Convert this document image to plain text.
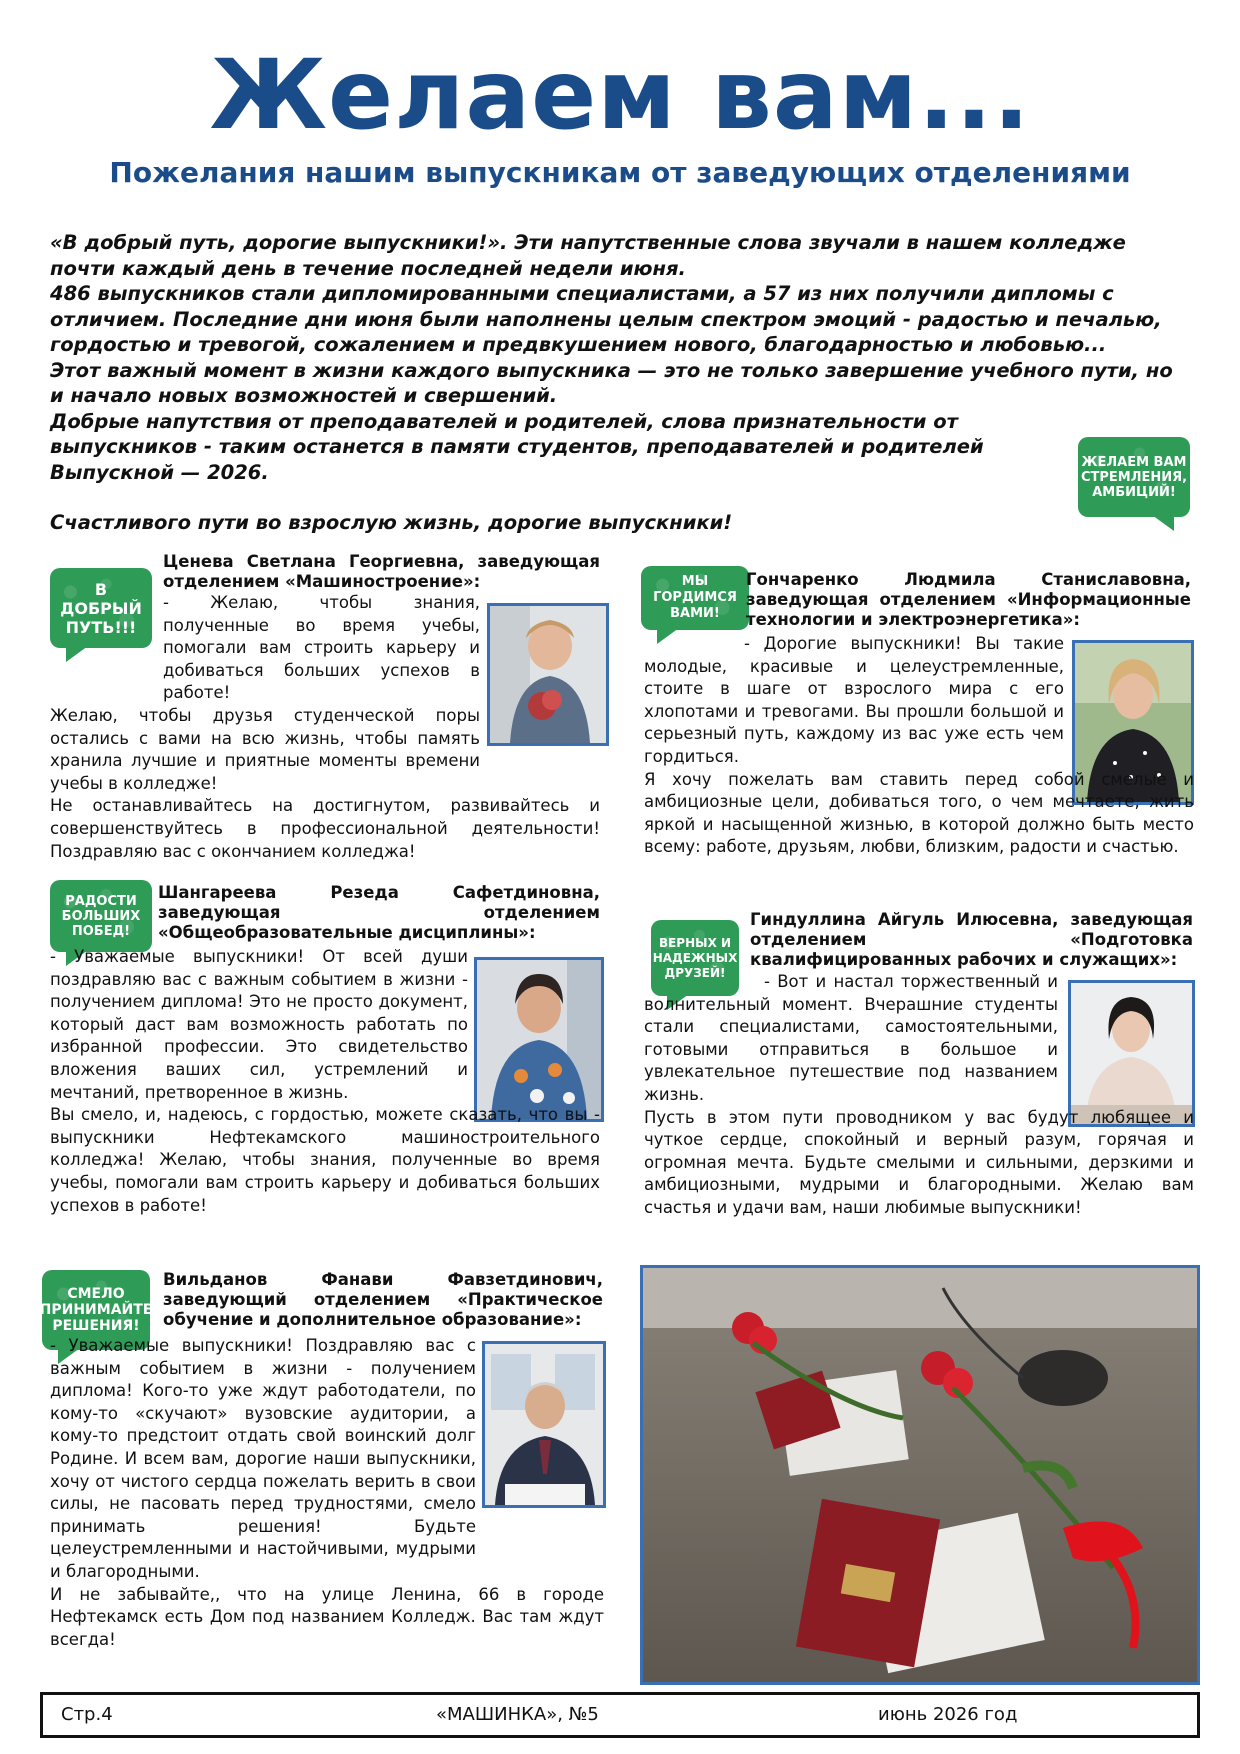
Желаем вам...
Пожелания нашим выпускникам от заведующих отделениями

«В добрый путь, дорогие выпускники!». Эти напутственные слова звучали в нашем колледже почти каждый день в течение последней недели июня.

486 выпускников стали дипломированными специалистами, а 57 из них получили дипломы с отличием. Последние дни июня были наполнены целым спектром эмоций - радостью и печалью, гордостью и тревогой, сожалением и предвкушением нового, благодарностью и любовью...

Этот важный момент в жизни каждого выпускника — это не только завершение учебного пути, но и начало новых возможностей и свершений.

Добрые напутствия от преподавателей и родителей, слова признательности от выпускников - таким останется в памяти студентов, преподавателей и родителей Выпускной — 2026.

Счастливого пути во взрослую жизнь, дорогие выпускники!

ЖЕЛАЕМ ВАМ СТРЕМЛЕНИЯ, АМБИЦИЙ!
В ДОБРЫЙ ПУТЬ!!!
Ценева Светлана Георгиевна, заведующая отделением «Машиностроение»:

- Желаю, чтобы знания, полученные во время учебы, помогали вам строить карьеру и добиваться больших успехов в работе!

Желаю, чтобы друзья студенческой поры остались с вами на всю жизнь, чтобы память хранила лучшие и приятные моменты времени учебы в колледже!

Не останавливайтесь на достигнутом, развивайтесь и совершенствуйтесь в профессиональной деятельности! Поздравляю вас с окончанием колледжа!

РАДОСТИ БОЛЬШИХ ПОБЕД!
Шангареева Резеда Сафетдиновна, заведующая отделением «Общеобразовательные дисциплины»:

- Уважаемые выпускники! От всей души поздравляю вас с важным событием в жизни - получением диплома! Это не просто документ, который даст вам возможность работать по избранной профессии. Это свидетельство вложения ваших сил, устремлений и мечтаний, претворенное в жизнь.

Вы смело, и, надеюсь, с гордостью, можете сказать, что вы - выпускники Нефтекамского машиностроительного колледжа! Желаю, чтобы знания, полученные во время учебы, помогали вам строить карьеру и добиваться больших успехов в работе!

СМЕЛО ПРИНИМАЙТЕ РЕШЕНИЯ!
Вильданов Фанави Фавзетдинович, заведующий отделением «Практическое обучение и дополнительное образование»:

- Уважаемые выпускники! Поздравляю вас с важным событием в жизни - получением диплома! Кого-то уже ждут работодатели, по кому-то «скучают» вузовские аудитории, а кому-то предстоит отдать свой воинский долг Родине. И всем вам, дорогие наши выпускники, хочу от чистого сердца пожелать верить в свои силы, не пасовать перед трудностями, смело принимать решения! Будьте целеустремленными и настойчивыми, мудрыми и благородными.

И не забывайте,, что на улице Ленина, 66 в городе Нефтекамск есть Дом под названием Колледж. Вас там ждут всегда!

МЫ ГОРДИМСЯ ВАМИ!
Гончаренко Людмила Станиславовна, заведующая отделением «Информационные технологии и электроэнергетика»:

- Дорогие выпускники! Вы такие молодые, красивые и целеустремленные, стоите в шаге от взрослого мира с его хлопотами и тревогами. Вы прошли большой и серьезный путь, каждому из вас уже есть чем гордиться.

Я хочу пожелать вам ставить перед собой смелые и амбициозные цели, добиваться того, о чем мечтаете, жить яркой и насыщенной жизнью, в которой должно быть место всему: работе, друзьям, любви, близким, радости и счастью.

ВЕРНЫХ И НАДЕЖНЫХ ДРУЗЕЙ!
Гиндуллина Айгуль Илюсевна, заведующая отделением «Подготовка квалифицированных рабочих и служащих»:

- Вот и настал торжественный и волнительный момент. Вчерашние студенты стали специалистами, самостоятельными, готовыми отправиться в большое и увлекательное путешествие под названием жизнь.

Пусть в этом пути проводником у вас будут любящее и чуткое сердце, спокойный и верный разум, горячая и огромная мечта. Будьте смелыми и сильными, дерзкими и амбициозными, мудрыми и благородными. Желаю вам счастья и удачи вам, наши любимые выпускники!

Стр.4	«МАШИНКА», №5	июнь 2026 год
